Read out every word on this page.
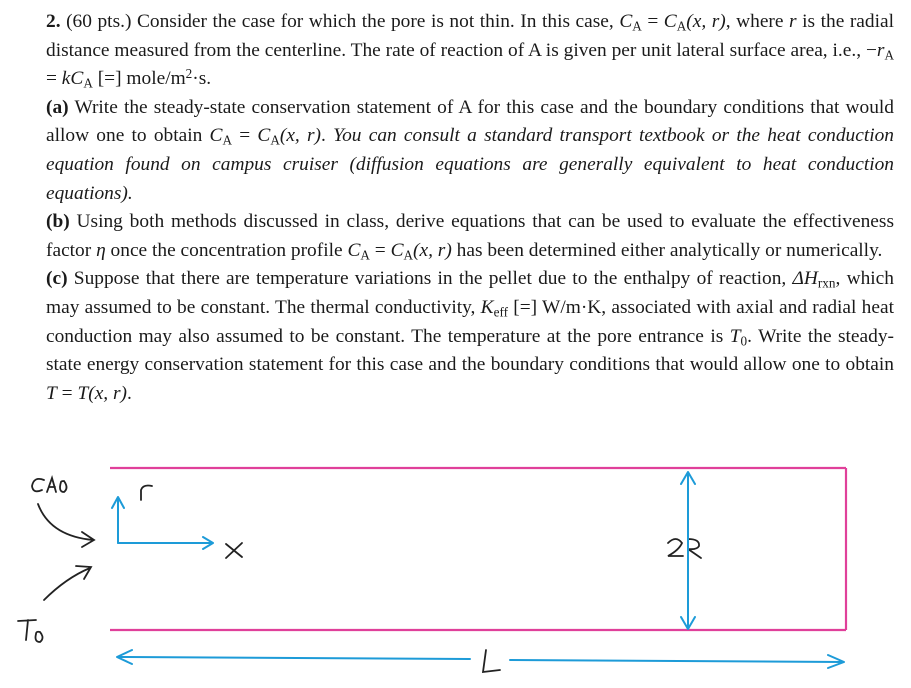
2. (60 pts.) Consider the case for which the pore is not thin. In this case, $C_A = C_A(x$, r), where r is the radial distance measured from the centerline. The rate of reaction of A is given per unit lateral surface area, i.e., $-r_A = kC_A$ [=] mole/$m^2\cdot s$.

(a) Write the steady-state conservation statement of A for this case and the boundary conditions that would allow one to obtain $C_A = C_A(x$, r). You can consult a standard transport textbook or the heat conduction equation found on campus cruiser (diffusion equations are generally equivalent to heat conduction equations).

(b) Using both methods discussed in class, derive equations that can be used to evaluate the effectiveness factor η once the concentration profile $C_A = C_A(x$, r) has been determined either analytically or numerically.

(c) Suppose that there are temperature variations in the pellet due to the enthalpy of reaction, $\Delta H_{rxn}$, which may assumed to be constant. The thermal conductivity, $K_{eff}$ [=] W/m·K, associated with axial and radial heat conduction may also assumed to be constant. The temperature at the pore entrance is $T_0$. Write the steady-state energy conservation statement for this case and the boundary conditions that would allow one to obtain T = T(x, r).

CA0
T0
r
x	2R
L
